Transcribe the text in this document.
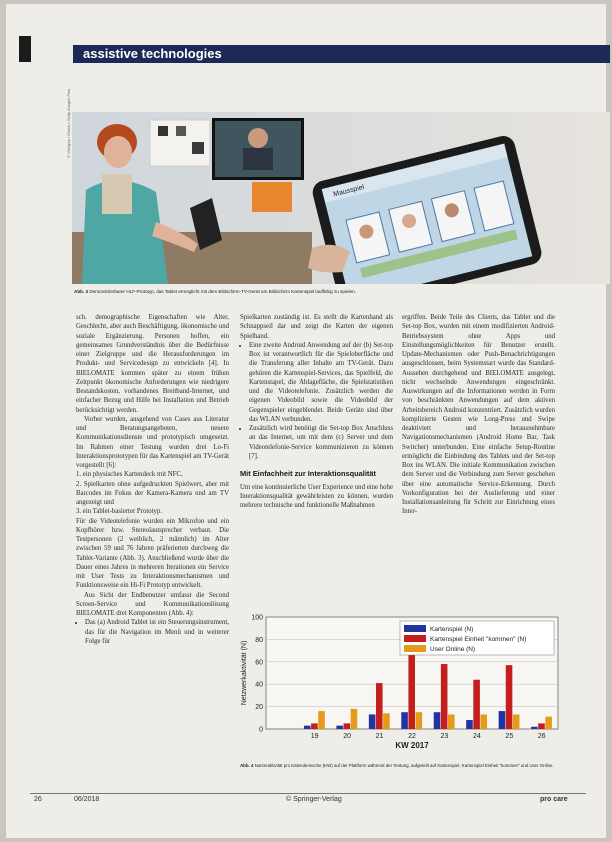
assistive technologies
Mausspiel
© Vitaliyas / iStock / Getty Images Plus
Abb. 3 Demonstrierbarer HLF-Prototyp, das Tablet ermöglicht mit dem Bildschirm-TV-Gerät am Bildschirm Kartenspiel lauffähig zu spielen.

sch. demographische Eigenschaften wie Alter, Geschlecht, aber auch Beschäftigung, ökonomische und soziale Ergänzierung. Personen hoffen, ein gemeinsames Grundverständnis über die Bedürfnisse einer Zielgruppe und die Herausforderungen im Produkt- und Servicedesign zu entwickeln [4]. In BIELOMATE kommen später zu einem frühen Zeitpunkt ökonomische Anforderungen wie niedrigere Bestandskosten, vorhandenes Breitband-Internet, und einfacher Bezug und Hilfe bei Installation und Betrieb berücksichtigt werden.

Vorher wurden, ausgehend von Cases aus Literatur und Beratungsangeboten, neuere Kommunikationsdienste und prototypisch umgesetzt. Im Rahmen einer Testung wurden drei Lo-Fi Interaktionsprototypen für das Kartenspiel am TV-Gerät vorgestellt [6]:

1. ein physisches Kartendeck mit NFC,
2. Spielkarten ohne aufgedruckten Spielwert, aber mit Barcodes im Fokus der Kamera-Kamera und am TV angezeigt und
3. ein Tablet-basierter Prototyp.

Für die Videotelefonie wurden ein Mikrofon und ein Kopfhörer bzw. Stereolautsprecher verbaut. Die Testpersonen (2 weiblich, 2 männlich) im Alter zwischen 59 und 76 Jahren präferierten durchweg die Tablet-Variante (Abb. 3). Anschließend wurde über die Dauer eines Jahres in mehreren Iterationen ein Service mit User Tests zu Interaktionsmechanismen und Funktionsweise ein Hi-Fi Prototyp entwickelt.

Aus Sicht der Endbenutzer umfasst die Second Screen-Service und Kommunikationslösung BIELOMATE drei Komponenten (Abb. 4):

• Das (a) Android Tablet ist ein Steuerungsinstrument, das für die Navigation im Menü und in weiterer Folge für

Spielkarten zuständig ist. Es stellt die Kartenhand als Schnappseil dar und zeigt die Karten der eigenen Spielhand.

• Eine zweite Android Anwendung auf der (b) Set-top Box ist verantwortlich für die Spieloberfläche und die Transferung aller Inhalte am TV-Gerät. Dazu gehören die Kartenspiel-Services, das Spielfeld, die Kartenstapel, die Ablagefläche, die Spielstatistiken und die Videotelefonie. Zusätzlich werden die eigenen Videobild sowie die Videobild der Gegenspieler eingeblendet. Beide Geräte sind über das WLAN verbunden.
• Zusätzlich wird benötigt die Set-top Box Anschluss an das Internet, um mit dem (c) Server und dem Videotelefonie-Service kommunizieren zu können [7].
Mit Einfachheit zur Interaktionsqualität

Um eine kontinuierliche User Experience und eine hohe Interaktionsqualität gewährleisten zu können, wurden mehrere technische und funktionelle Maßnahmen

ergriffen. Beide Teile des Clients, das Tablet und die Set-top Box, wurden mit einem modifizierten Android-Betriebssystem ohne Apps und Einstellungsmöglichkeiten für Benutzer erstellt. Update-Mechanismen oder Push-Benachrichtigungen ausgeschlossen, beim Systemstart wurde das Standard-Aussehen durchgehend und BIELOMATE ausgelegt, nicht wechselnde Anwendungen eingeschränkt. Auswirkungen auf die Informationen werden in Form von beschränkten Anwendungen auf dem aktiven Arbeitsbereich Android konzentriert. Zusätzlich wurden komplizierte Gesten wie Long-Press und Swipe deaktiviert und herausnehmbare Navigationsmechanismen (Android Home Bar, Task Switcher) unterbunden. Eine einfache Setup-Routine ermöglicht die Einbindung des Tablets und der Set-top Box ins WLAN. Die initiale Kommunikation zwischen dem Server und die Verbindung zum Server geschehen über eine automatische Service-Erkennung. Durch Vorkonfiguration bei der Auslieferung und einer Installationsanleitung für Schritt zur Einrichtung eines Inter-

0
20
40
60
80
100
19	20	21	22	23	24	25	26
KW 2017
Netzwerkaktivität (N)
Kartenspiel (N)
Kartenspiel Einheit "kommen" (N)
User Online (N)
Abb. 4 Nutzeraktivität pro Kalenderwoche (KW) auf der Plattform während der Testung, aufgeteilt auf Kartenspiel, Kartenspiel Einheit "kommen" und User Online.
26	06/2018	© Springer-Verlag	pro care
